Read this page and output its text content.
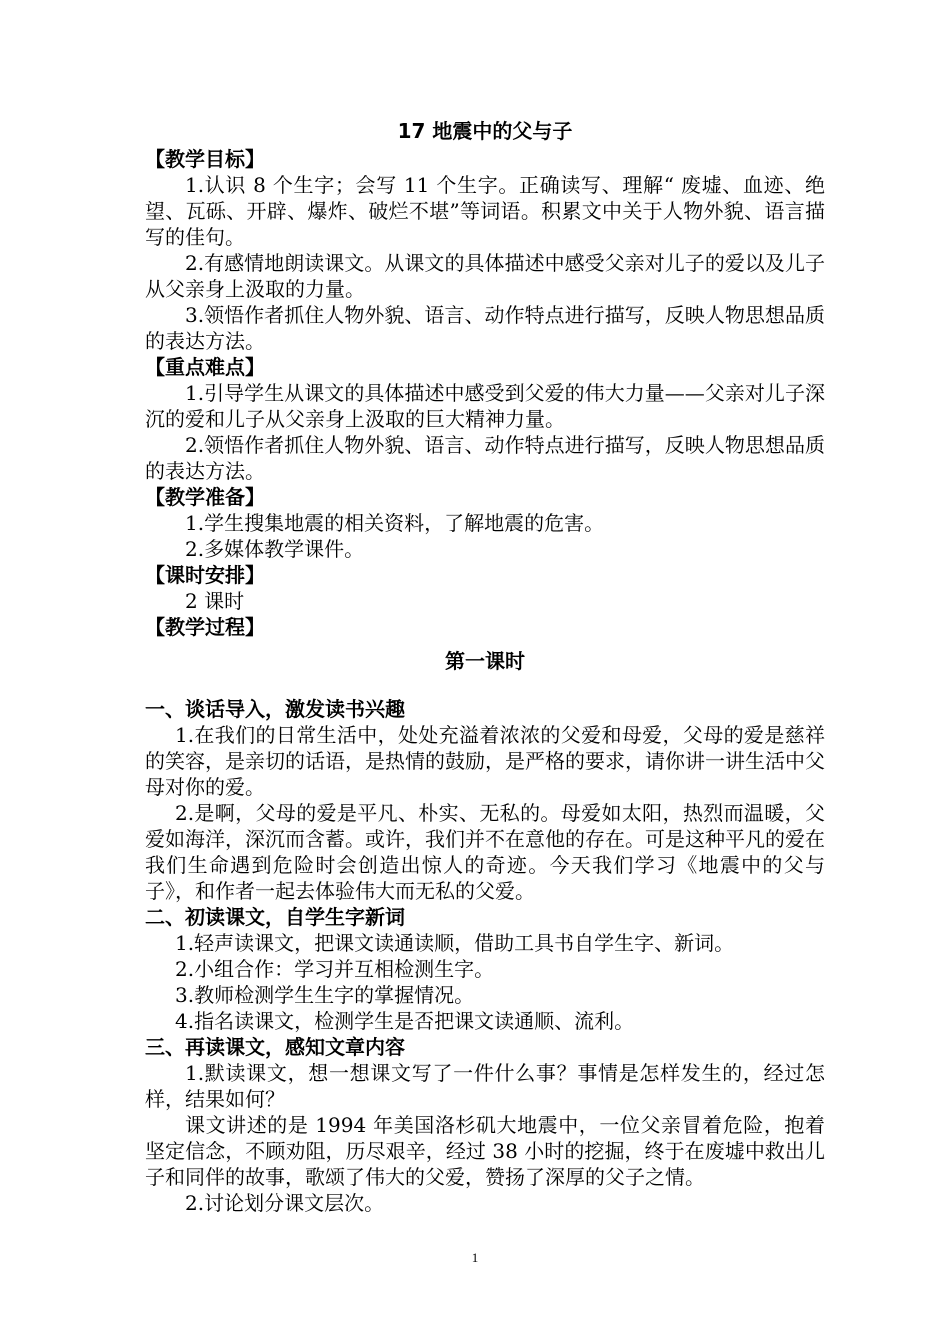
17 地震中的父与子
【教学目标】

1.认识 8 个生字；会写 11 个生字。正确读写、理解“ 废墟、血迹、绝望、瓦砾、开辟、爆炸、破烂不堪”等词语。积累文中关于人物外貌、语言描写的佳句。

2.有感情地朗读课文。从课文的具体描述中感受父亲对儿子的爱以及儿子从父亲身上汲取的力量。

3.领悟作者抓住人物外貌、语言、动作特点进行描写，反映人物思想品质的表达方法。

【重点难点】

1.引导学生从课文的具体描述中感受到父爱的伟大力量——父亲对儿子深沉的爱和儿子从父亲身上汲取的巨大精神力量。

2.领悟作者抓住人物外貌、语言、动作特点进行描写，反映人物思想品质的表达方法。

【教学准备】

1.学生搜集地震的相关资料，了解地震的危害。

2.多媒体教学课件。

【课时安排】

2 课时

【教学过程】
第一课时
一、谈话导入，激发读书兴趣

1.在我们的日常生活中，处处充溢着浓浓的父爱和母爱，父母的爱是慈祥的笑容，是亲切的话语，是热情的鼓励，是严格的要求，请你讲一讲生活中父母对你的爱。

2.是啊，父母的爱是平凡、朴实、无私的。母爱如太阳，热烈而温暖，父爱如海洋，深沉而含蓄。或许，我们并不在意他的存在。可是这种平凡的爱在我们生命遇到危险时会创造出惊人的奇迹。今天我们学习《地震中的父与子》，和作者一起去体验伟大而无私的父爱。

二、初读课文，自学生字新词

1.轻声读课文，把课文读通读顺，借助工具书自学生字、新词。

2.小组合作：学习并互相检测生字。

3.教师检测学生生字的掌握情况。

4.指名读课文，检测学生是否把课文读通顺、流利。

三、再读课文，感知文章内容

1.默读课文，想一想课文写了一件什么事？事情是怎样发生的，经过怎样，结果如何？

课文讲述的是 1994 年美国洛杉矶大地震中，一位父亲冒着危险，抱着坚定信念，不顾劝阻，历尽艰辛，经过 38 小时的挖掘，终于在废墟中救出儿子和同伴的故事，歌颂了伟大的父爱，赞扬了深厚的父子之情。

2.讨论划分课文层次。

1
